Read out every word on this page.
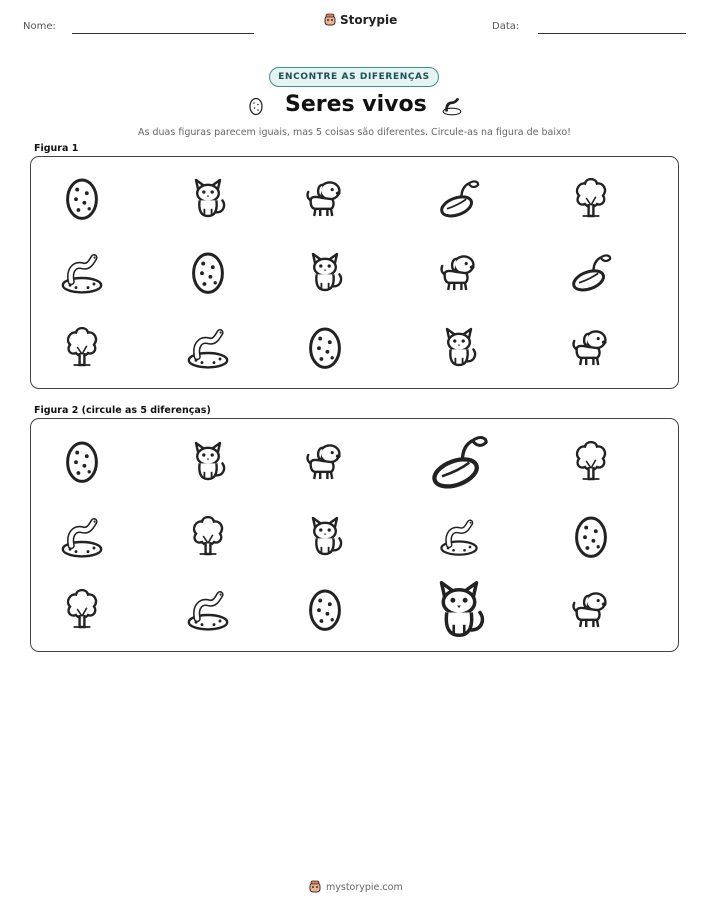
Nome:	Storypie	Data:
ENCONTRE AS DIFERENÇAS
Seres vivos
As duas figuras parecem iguais, mas 5 coisas são diferentes. Circule-as na figura de baixo!
Figura 1
Figura 2 (circule as 5 diferenças)
mystorypie.com
